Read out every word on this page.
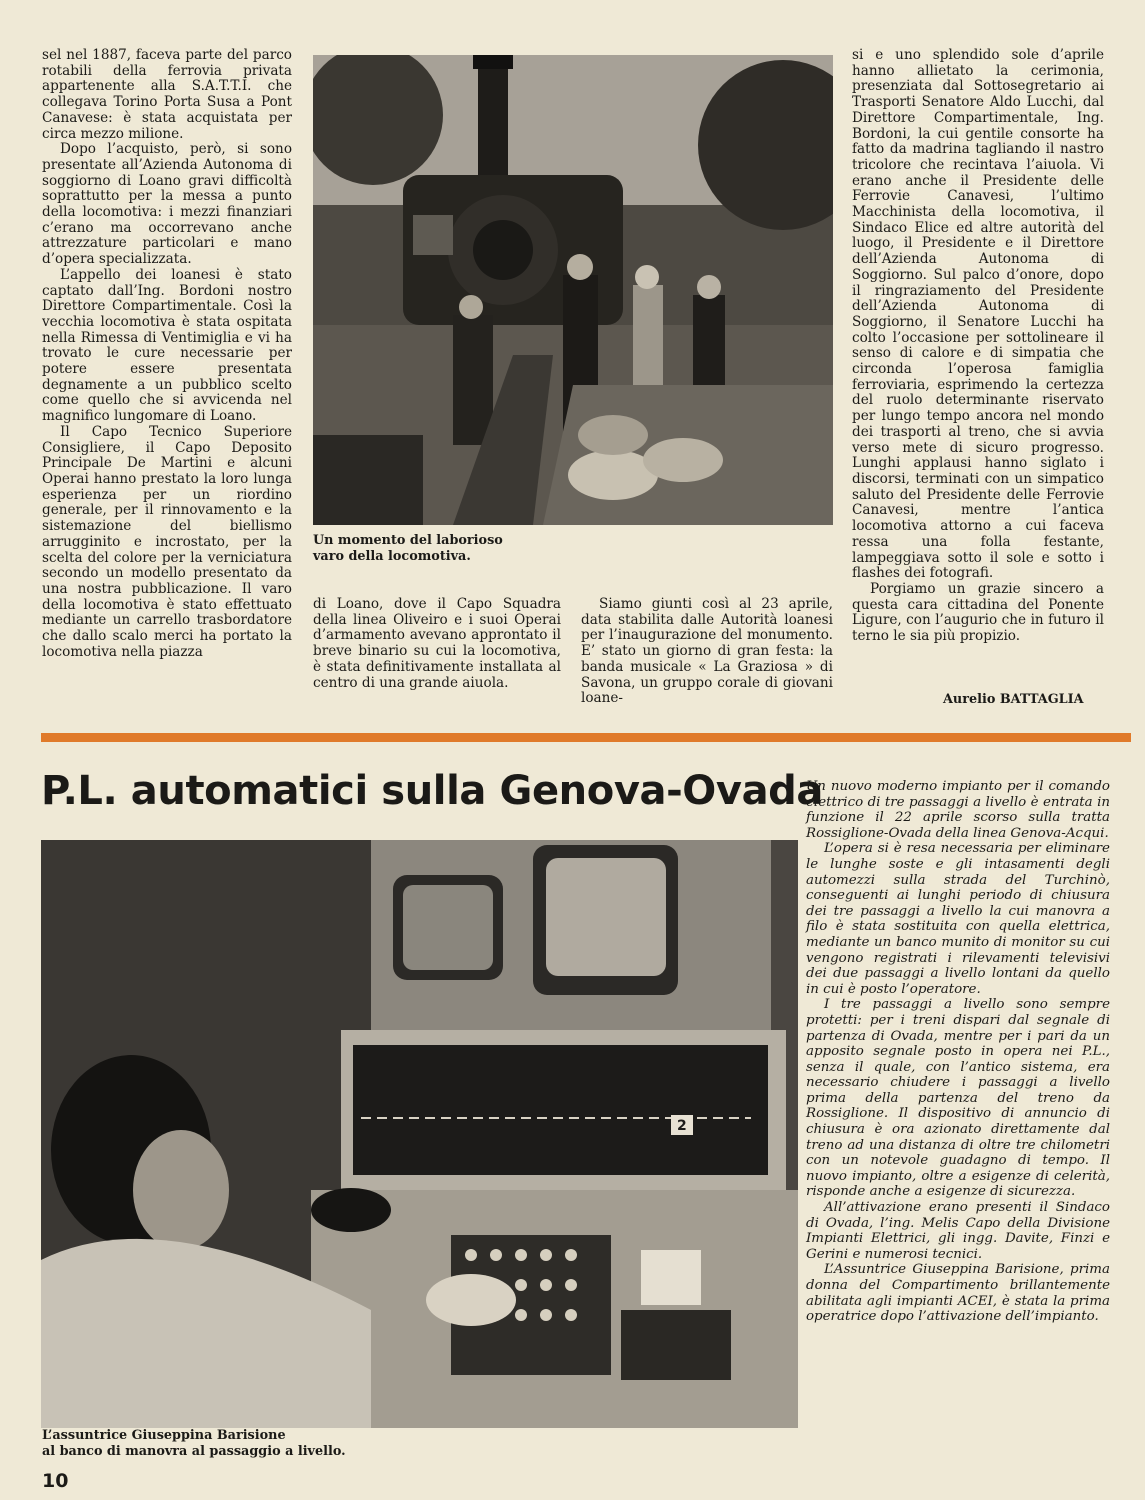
sel nel 1887, faceva parte del parco rotabili della ferrovia privata appartenente alla S.A.T.T.I. che collegava Torino Porta Susa a Pont Canavese: è stata acquistata per circa mezzo milione.

Dopo l’acquisto, però, si sono presentate all’Azienda Autonoma di soggiorno di Loano gravi difficoltà soprattutto per la messa a punto della locomotiva: i mezzi finanziari c’erano ma occorrevano anche attrezzature particolari e mano d’opera specializzata.

L’appello dei loanesi è stato captato dall’Ing. Bordoni nostro Direttore Compartimentale. Così la vecchia locomotiva è stata ospitata nella Rimessa di Ventimiglia e vi ha trovato le cure necessarie per potere essere presentata degnamente a un pubblico scelto come quello che si avvicenda nel magnifico lungomare di Loano.

Il Capo Tecnico Superiore Consigliere, il Capo Deposito Principale De Martini e alcuni Operai hanno prestato la loro lunga esperienza per un riordino generale, per il rinnovamento e la sistemazione del biellismo arrugginito e incrostato, per la scelta del colore per la verniciatura secondo un modello presentato da una nostra pubblicazione. Il varo della locomotiva è stato effettuato mediante un carrello trasbordatore che dallo scalo merci ha portato la locomotiva nella piazza

Un momento del laborioso
varo della locomotiva.

di Loano, dove il Capo Squadra della linea Oliveiro e i suoi Operai d’armamento avevano approntato il breve binario su cui la locomotiva, è stata definitivamente installata al centro di una grande aiuola.

Siamo giunti così al 23 aprile, data stabilita dalle Autorità loanesi per l’inaugurazione del monumento. E’ stato un giorno di gran festa: la banda musicale « La Graziosa » di Savona, un gruppo corale di giovani loane-

si e uno splendido sole d’aprile hanno allietato la cerimonia, presenziata dal Sottosegretario ai Trasporti Senatore Aldo Lucchi, dal Direttore Compartimentale, Ing. Bordoni, la cui gentile consorte ha fatto da madrina tagliando il nastro tricolore che recintava l’aiuola. Vi erano anche il Presidente delle Ferrovie Canavesi, l’ultimo Macchinista della locomotiva, il Sindaco Elice ed altre autorità del luogo, il Presidente e il Direttore dell’Azienda Autonoma di Soggiorno. Sul palco d’onore, dopo il ringraziamento del Presidente dell’Azienda Autonoma di Soggiorno, il Senatore Lucchi ha colto l’occasione per sottolineare il senso di calore e di simpatia che circonda l’operosa famiglia ferroviaria, esprimendo la certezza del ruolo determinante riservato per lungo tempo ancora nel mondo dei trasporti al treno, che si avvia verso mete di sicuro progresso. Lunghi applausi hanno siglato i discorsi, terminati con un simpatico saluto del Presidente delle Ferrovie Canavesi, mentre l’antica locomotiva attorno a cui faceva ressa una folla festante, lampeggiava sotto il sole e sotto i flashes dei fotografi.

Porgiamo un grazie sincero a questa cara cittadina del Ponente Ligure, con l’augurio che in futuro il terno le sia più propizio.

Aurelio BATTAGLIA
P.L. automatici sulla Genova-Ovada
2
L’assuntrice Giuseppina Barisione
al banco di manovra al passaggio a livello.

Un nuovo moderno impianto per il comando elettrico di tre passaggi a livello è entrata in funzione il 22 aprile scorso sulla tratta Rossiglione-Ovada della linea Genova-Acqui.

L’opera si è resa necessaria per eliminare le lunghe soste e gli intasamenti degli automezzi sulla strada del Turchinò, conseguenti ai lunghi periodo di chiusura dei tre passaggi a livello la cui manovra a filo è stata sostituita con quella elettrica, mediante un banco munito di monitor su cui vengono registrati i rilevamenti televisivi dei due passaggi a livello lontani da quello in cui è posto l’operatore.

I tre passaggi a livello sono sempre protetti: per i treni dispari dal segnale di partenza di Ovada, mentre per i pari da un apposito segnale posto in opera nei P.L., senza il quale, con l’antico sistema, era necessario chiudere i passaggi a livello prima della partenza del treno da Rossiglione. Il dispositivo di annuncio di chiusura è ora azionato direttamente dal treno ad una distanza di oltre tre chilometri con un notevole guadagno di tempo. Il nuovo impianto, oltre a esigenze di celerità, risponde anche a esigenze di sicurezza.

All’attivazione erano presenti il Sindaco di Ovada, l’ing. Melis Capo della Divisione Impianti Elettrici, gli ingg. Davite, Finzi e Gerini e numerosi tecnici.

L’Assuntrice Giuseppina Barisione, prima donna del Compartimento brillantemente abilitata agli impianti ACEI, è stata la prima operatrice dopo l’attivazione dell’impianto.

10
